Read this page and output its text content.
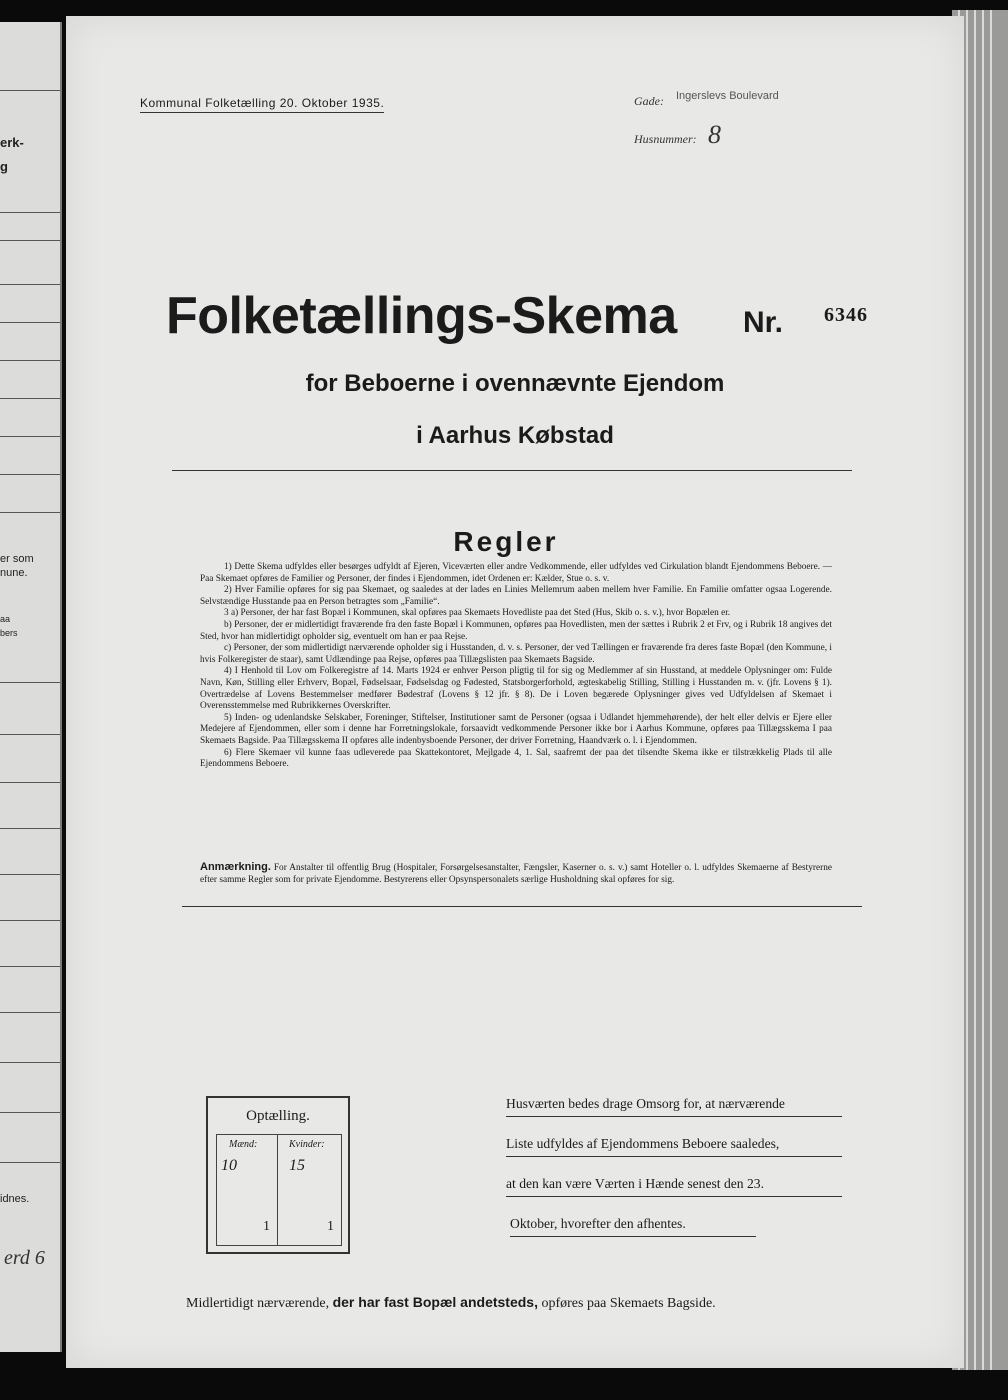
erk-
g
er som
nune.
aa
bers
idnes.
erd 6
Kommunal Folketælling 20. Oktober 1935.	Gade: Ingerslevs Boulevard
Husnummer: 8
Folketællings-Skema Nr. 6346
for Beboerne i ovennævnte Ejendom
i Aarhus Købstad
Regler

1) Dette Skema udfyldes eller besørges udfyldt af Ejeren, Viceværten eller andre Vedkommende, eller udfyldes ved Cirkulation blandt Ejendommens Beboere. — Paa Skemaet opføres de Familier og Personer, der findes i Ejendommen, idet Ordenen er: Kælder, Stue o. s. v.

2) Hver Familie opføres for sig paa Skemaet, og saaledes at der lades en Linies Mellemrum aaben mellem hver Familie. En Familie omfatter ogsaa Logerende. Selvstændige Husstande paa en Person betragtes som „Familie“.

3 a) Personer, der har fast Bopæl i Kommunen, skal opføres paa Skemaets Hovedliste paa det Sted (Hus, Skib o. s. v.), hvor Bopælen er.

b) Personer, der er midlertidigt fraværende fra den faste Bopæl i Kommunen, opføres paa Hovedlisten, men der sættes i Rubrik 2 et Frv, og i Rubrik 18 angives det Sted, hvor han midlertidigt opholder sig, eventuelt om han er paa Rejse.

c) Personer, der som midlertidigt nærværende opholder sig i Husstanden, d. v. s. Personer, der ved Tællingen er fraværende fra deres faste Bopæl (den Kommune, i hvis Folkeregister de staar), samt Udlændinge paa Rejse, opføres paa Tillægslisten paa Skemaets Bagside.

4) I Henhold til Lov om Folkeregistre af 14. Marts 1924 er enhver Person pligtig til for sig og Medlemmer af sin Husstand, at meddele Oplysninger om: Fulde Navn, Køn, Stilling eller Erhverv, Bopæl, Fødselsaar, Fødselsdag og Fødested, Statsborgerforhold, ægteskabelig Stilling, Stilling i Husstanden m. v. (jfr. Lovens § 1). Overtrædelse af Lovens Bestemmelser medfører Bødestraf (Lovens § 12 jfr. § 8). De i Loven begærede Oplysninger gives ved Udfyldelsen af Skemaet i Overensstemmelse med Rubrikkernes Overskrifter.

5) Inden- og udenlandske Selskaber, Foreninger, Stiftelser, Institutioner samt de Personer (ogsaa i Udlandet hjemmehørende), der helt eller delvis er Ejere eller Medejere af Ejendommen, eller som i denne har Forretningslokale, forsaavidt vedkommende Personer ikke bor i Aarhus Kommune, opføres paa Tillægsskema I paa Skemaets Bagside. Paa Tillægsskema II opføres alle indenbysboende Personer, der driver Forretning, Haandværk o. l. i Ejendommen.

6) Flere Skemaer vil kunne faas udleverede paa Skattekontoret, Mejlgade 4, 1. Sal, saafremt der paa det tilsendte Skema ikke er tilstrækkelig Plads til alle Ejendommens Beboere.

Anmærkning. For Anstalter til offentlig Brug (Hospitaler, Forsørgelsesanstalter, Fængsler, Kaserner o. s. v.) samt Hoteller o. l. udfyldes Skemaerne af Bestyrerne efter samme Regler som for private Ejendomme. Bestyrerens eller Opsynspersonalets særlige Husholdning skal opføres for sig.
Optælling.
Mænd:	Kvinder:
10	15
1	1
Husværten bedes drage Omsorg for, at nærværende
Liste udfyldes af Ejendommens Beboere saaledes,
at den kan være Værten i Hænde senest den 23.
Oktober, hvorefter den afhentes.
Midlertidigt nærværende, der har fast Bopæl andetsteds, opføres paa Skemaets Bagside.
